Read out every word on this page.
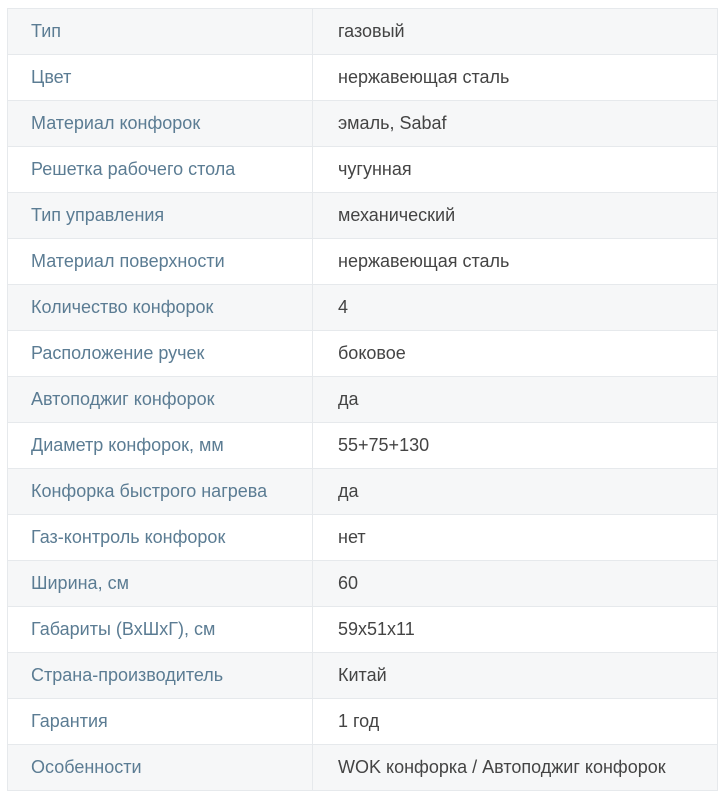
Тип	газовый
Цвет	нержавеющая сталь
Материал конфорок	эмаль, Sabaf
Решетка рабочего стола	чугунная
Тип управления	механический
Материал поверхности	нержавеющая сталь
Количество конфорок	4
Расположение ручек	боковое
Автоподжиг конфорок	да
Диаметр конфорок, мм	55+75+130
Конфорка быстрого нагрева	да
Газ-контроль конфорок	нет
Ширина, см	60
Габариты (ВхШхГ), см	59x51x11
Страна-производитель	Китай
Гарантия	1 год
Особенности	WOK конфорка / Автоподжиг конфорок
